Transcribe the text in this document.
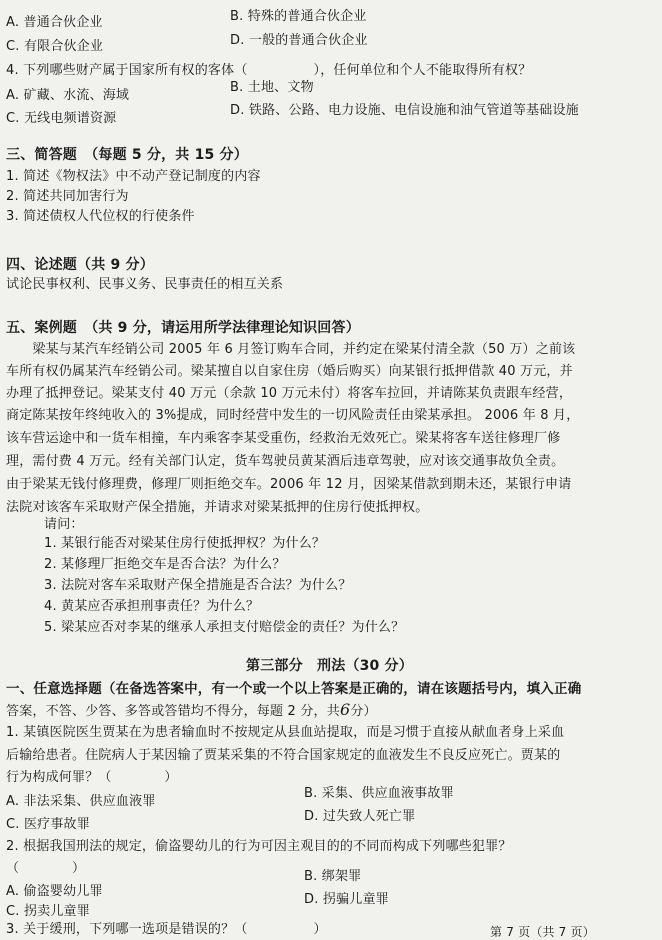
A. 普通合伙企业	B. 特殊的普通合伙企业
C. 有限合伙企业	D. 一般的普通合伙企业
4. 下列哪些财产属于国家所有权的客体（　　　　　），任何单位和个人不能取得所有权？
A. 矿藏、水流、海域
B. 土地、文物
C. 无线电频谱资源
D. 铁路、公路、电力设施、电信设施和油气管道等基础设施
三、简答题　（每题 5 分，共 15 分）
1. 简述《物权法》中不动产登记制度的内容
2. 简述共同加害行为
3. 简述债权人代位权的行使条件
四、论述题（共 9 分）
试论民事权利、民事义务、民事责任的相互关系
五、案例题　（共 9 分，请运用所学法律理论知识回答）
　　梁某与某汽车经销公司 2005 年 6 月签订购车合同，并约定在梁某付清全款（50 万）之前该
车所有权仍属某汽车经销公司。梁某擅自以自家住房（婚后购买）向某银行抵押借款 40 万元，并
办理了抵押登记。梁某支付 40 万元（余款 10 万元未付）将客车拉回，并请陈某负责跟车经营，
商定陈某按年终纯收入的 3%提成，同时经营中发生的一切风险责任由梁某承担。 2006 年 8 月，
该车营运途中和一货车相撞，车内乘客李某受重伤，经救治无效死亡。梁某将客车送往修理厂修
理，需付费 4 万元。经有关部门认定，货车驾驶员黄某酒后违章驾驶，应对该交通事故负全责。
由于梁某无钱付修理费，修理厂则拒绝交车。2006 年 12 月，因梁某借款到期未还，某银行申请
法院对该客车采取财产保全措施，并请求对梁某抵押的住房行使抵押权。
请问：
1. 某银行能否对梁某住房行使抵押权？为什么？
2. 某修理厂拒绝交车是否合法？为什么？
3. 法院对客车采取财产保全措施是否合法？为什么？
4. 黄某应否承担刑事责任？为什么？
5. 梁某应否对李某的继承人承担支付赔偿金的责任？为什么？
第三部分　刑法（30 分）
一、任意选择题（在备选答案中，有一个或一个以上答案是正确的，请在该题括号内，填入正确
答案，不答、少答、多答或答错均不得分，每题 2 分，共6分）
1. 某镇医院医生贾某在为患者输血时不按规定从县血站提取，而是习惯于直接从献血者身上采血
后输给患者。住院病人于某因输了贾某采集的不符合国家规定的血液发生不良反应死亡。贾某的
行为构成何罪？（　　　　）
A. 非法采集、供应血液罪
B. 采集、供应血液事故罪
C. 医疗事故罪
D. 过失致人死亡罪
2. 根据我国刑法的规定，偷盗婴幼儿的行为可因主观目的的不同而构成下列哪些犯罪？
（　　　　）
A. 偷盗婴幼儿罪
B. 绑架罪
C. 拐卖儿童罪
D. 拐骗儿童罪
3. 关于缓刑，下列哪一选项是错误的？（　　　　　）	第 7 页（共 7 页）
